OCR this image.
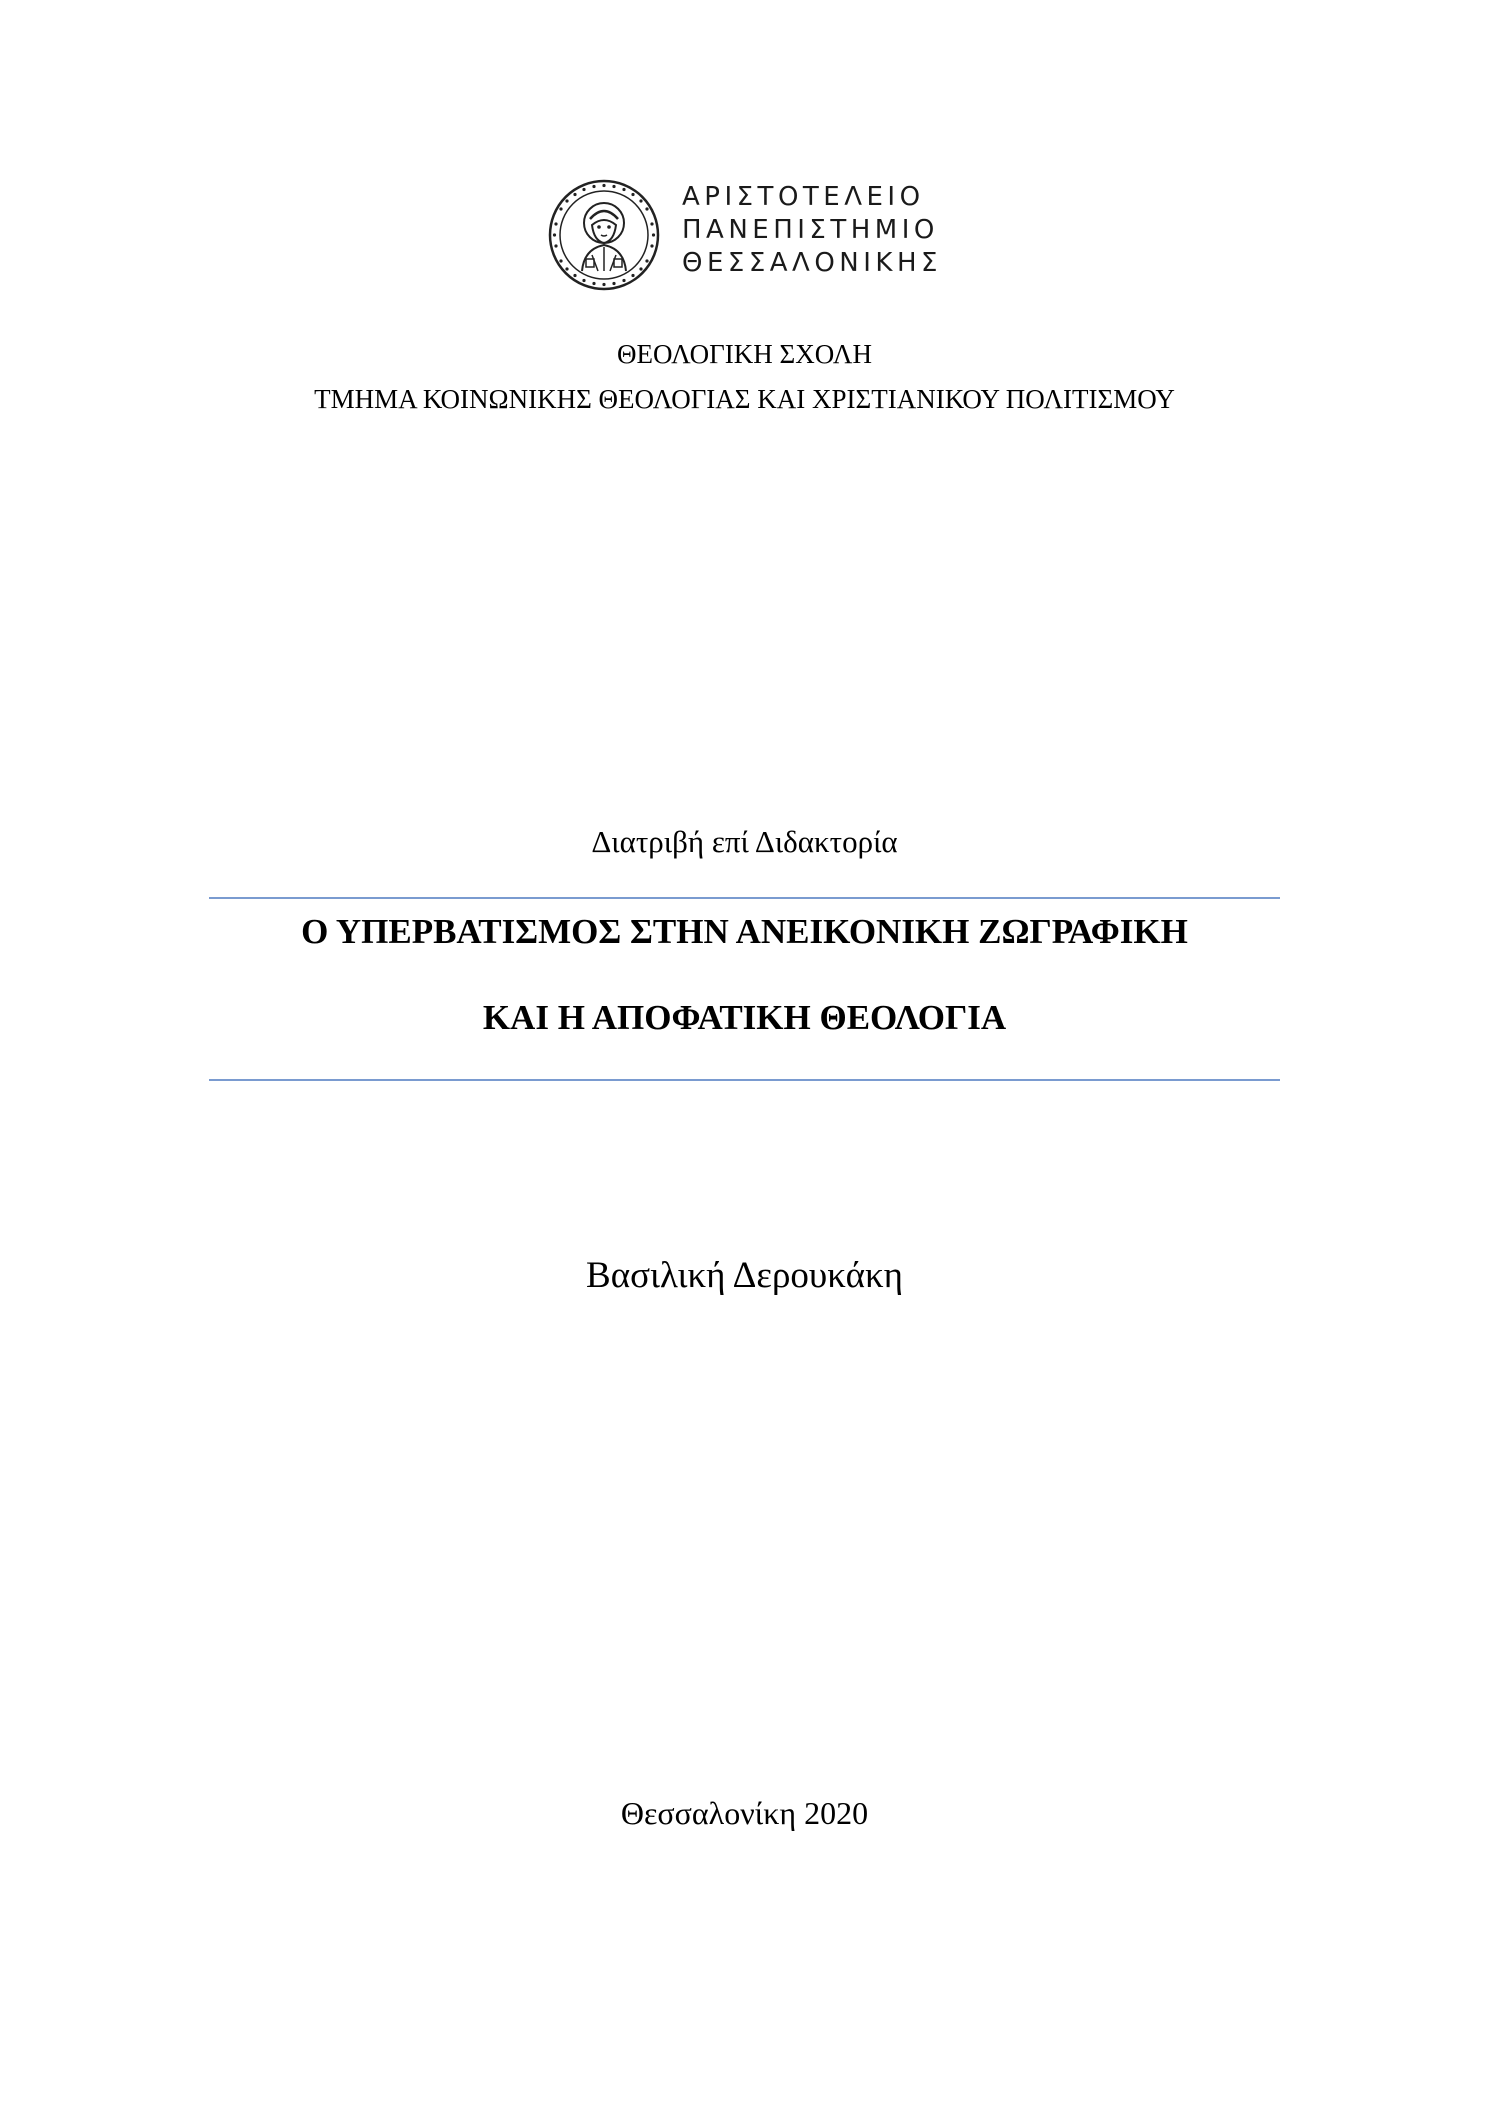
ΑΡΙΣΤΟΤΕΛΕΙΟ
ΠΑΝΕΠΙΣΤΗΜΙΟ
ΘΕΣΣΑΛΟΝΙΚΗΣ
ΘΕΟΛΟΓΙΚΗ ΣΧΟΛΗ
ΤΜΗΜΑ ΚΟΙΝΩΝΙΚΗΣ ΘΕΟΛΟΓΙΑΣ ΚΑΙ ΧΡΙΣΤΙΑΝΙΚΟΥ ΠΟΛΙΤΙΣΜΟΥ
Διατριβή επί Διδακτορία
Ο ΥΠΕΡΒΑΤΙΣΜΟΣ ΣΤΗΝ ΑΝΕΙΚΟΝΙΚΗ ΖΩΓΡΑΦΙΚΗ
ΚΑΙ Η ΑΠΟΦΑΤΙΚΗ ΘΕΟΛΟΓΙΑ
Βασιλική Δερουκάκη
Θεσσαλονίκη 2020
